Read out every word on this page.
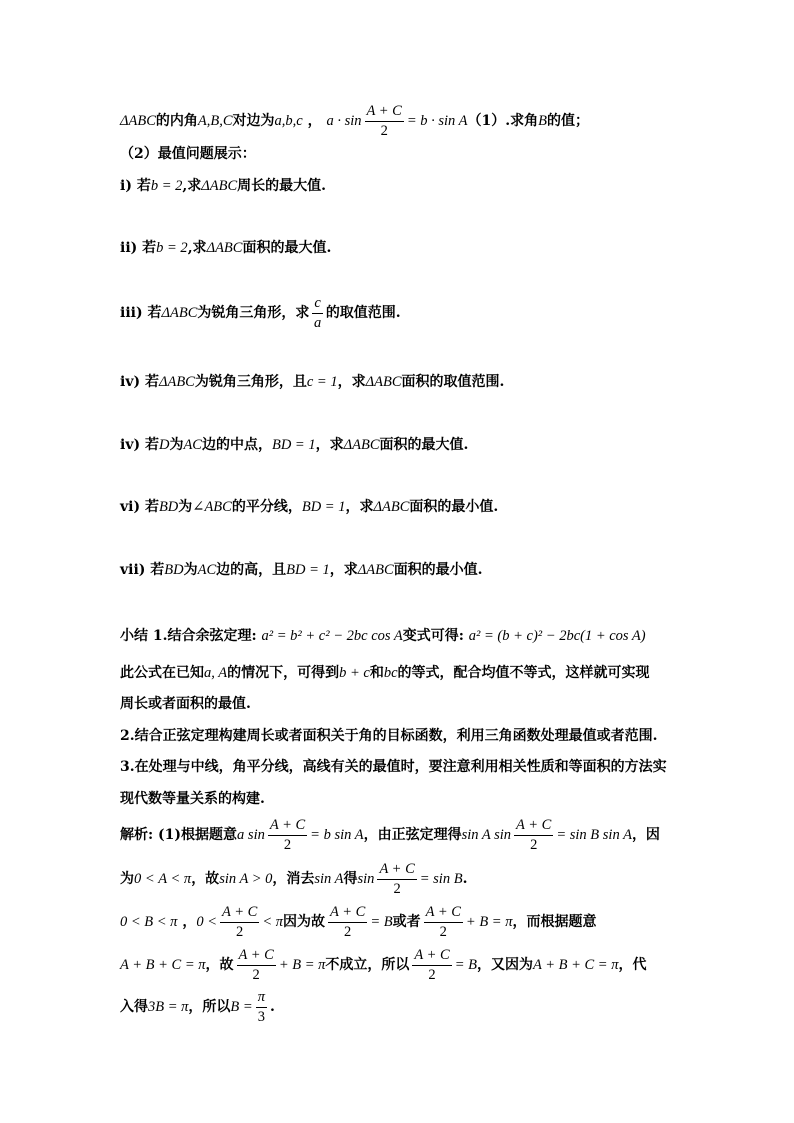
ΔABC的内角A,B,C对边为a,b,c ， $a \cdot \sin \frac{A + C}{2} = b \cdot \sin A(1)$.求角B的值；
（2）最值问题展示：
i) 若b = 2,求ΔABC周长的最大值.
ii) 若b = 2,求ΔABC面积的最大值.
iii) 若ΔABC为锐角三角形，求 $\frac{c}{a}$ 的取值范围.
iv) 若ΔABC为锐角三角形，且c = 1，求ΔABC面积的取值范围.
iv) 若D为AC边的中点，BD = 1，求ΔABC面积的最大值.
vi) 若BD为∠ABC的平分线，BD = 1，求ΔABC面积的最小值.
vii) 若BD为AC边的高，且BD = 1，求ΔABC面积的最小值.
小结 1.结合余弦定理: a² = b² + c² − 2bc cos A变式可得: a² = (b + c)² − 2bc(1 + cos A)
此公式在已知a, A的情况下，可得到b + c和bc的等式，配合均值不等式，这样就可实现
周长或者面积的最值.
2.结合正弦定理构建周长或者面积关于角的目标函数，利用三角函数处理最值或者范围.
3.在处理与中线，角平分线，高线有关的最值时，要注意利用相关性质和等面积的方法实
现代数等量关系的构建.
解析: (1)根据题意a $\sin \frac{A + C}{2} = b$ sin A，由正弦定理得sin A $\sin \frac{A + C}{2} = \sin B$ sin A，因
为0 < A < π，故sin A > 0，消去sin A得$\sin \frac{A + C}{2} = \sin B$.
0 < B < π ，$0 < \frac{A + C}{2} < \pi$因为故 $\frac{A + C}{2} = B$或者 $\frac{A + C}{2} + B = \pi$，而根据题意
A + B + C = π，故 $\frac{A + C}{2} + B = \pi$不成立，所以 $\frac{A + C}{2} = B$，又因为A + B + C = π，代
入得3B = π，所以$B = \frac{\pi}{3}$ .
